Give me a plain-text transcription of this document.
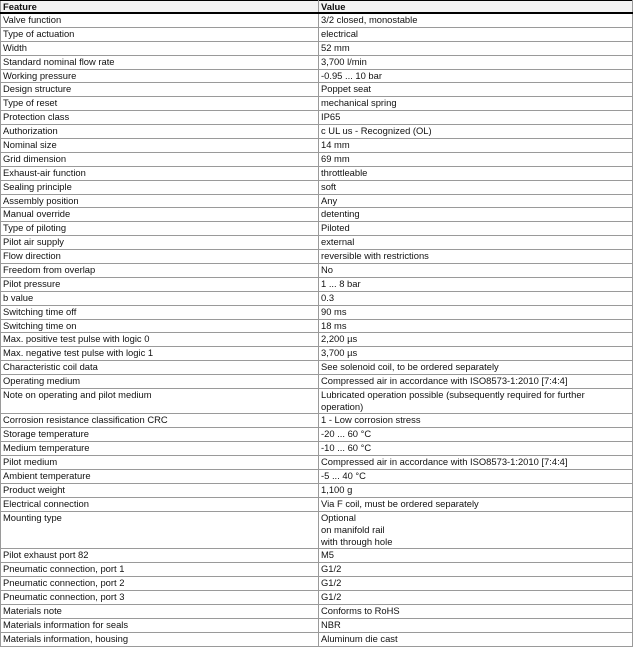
Feature	Value
Valve function	3/2 closed, monostable

Type of actuation	electrical

Width	52 mm

Standard nominal flow rate	3,700 l/min

Working pressure	-0.95 ... 10 bar

Design structure	Poppet seat

Type of reset	mechanical spring

Protection class	IP65

Authorization	c UL us - Recognized (OL)

Nominal size	14 mm

Grid dimension	69 mm

Exhaust-air function	throttleable

Sealing principle	soft

Assembly position	Any

Manual override	detenting

Type of piloting	Piloted

Pilot air supply	external

Flow direction	reversible with restrictions

Freedom from overlap	No

Pilot pressure	1 ... 8 bar

b value	0.3

Switching time off	90 ms

Switching time on	18 ms

Max. positive test pulse with logic 0	2,200 µs

Max. negative test pulse with logic 1	3,700 µs

Characteristic coil data	See solenoid coil, to be ordered separately

Operating medium	Compressed air in accordance with ISO8573-1:2010 [7:4:4]

Note on operating and pilot medium	Lubricated operation possible (subsequently required for further
operation)

Corrosion resistance classification CRC	1 - Low corrosion stress

Storage temperature	-20 ... 60 °C

Medium temperature	-10 ... 60 °C

Pilot medium	Compressed air in accordance with ISO8573-1:2010 [7:4:4]

Ambient temperature	-5 ... 40 °C

Product weight	1,100 g

Electrical connection	Via F coil, must be ordered separately

Mounting type	Optional
on manifold rail
with through hole

Pilot exhaust port 82	M5

Pneumatic connection, port 1	G1/2

Pneumatic connection, port 2	G1/2

Pneumatic connection, port 3	G1/2

Materials note	Conforms to RoHS

Materials information for seals	NBR

Materials information, housing	Aluminum die cast
